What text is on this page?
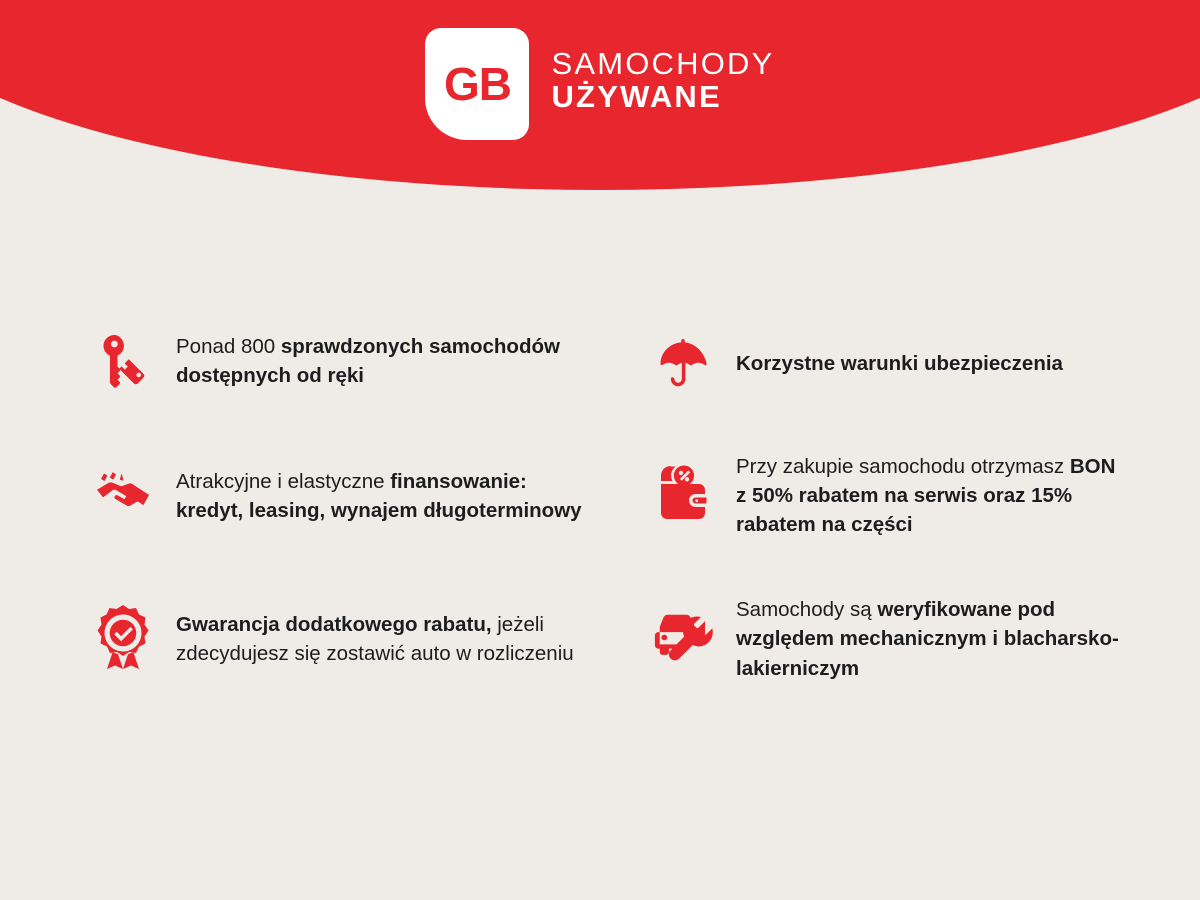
GB SAMOCHODY
UŻYWANE
Ponad 800 sprawdzonych samochodów dostępnych od ręki
Korzystne warunki ubezpieczenia
Atrakcyjne i elastyczne finansowanie: kredyt, leasing, wynajem długoterminowy
Przy zakupie samochodu otrzymasz BON z 50% rabatem na serwis oraz 15% rabatem na części
Gwarancja dodatkowego rabatu, jeżeli zdecydujesz się zostawić auto w rozliczeniu
Samochody są weryfikowane pod względem mechanicznym i blacharsko-lakierniczym
